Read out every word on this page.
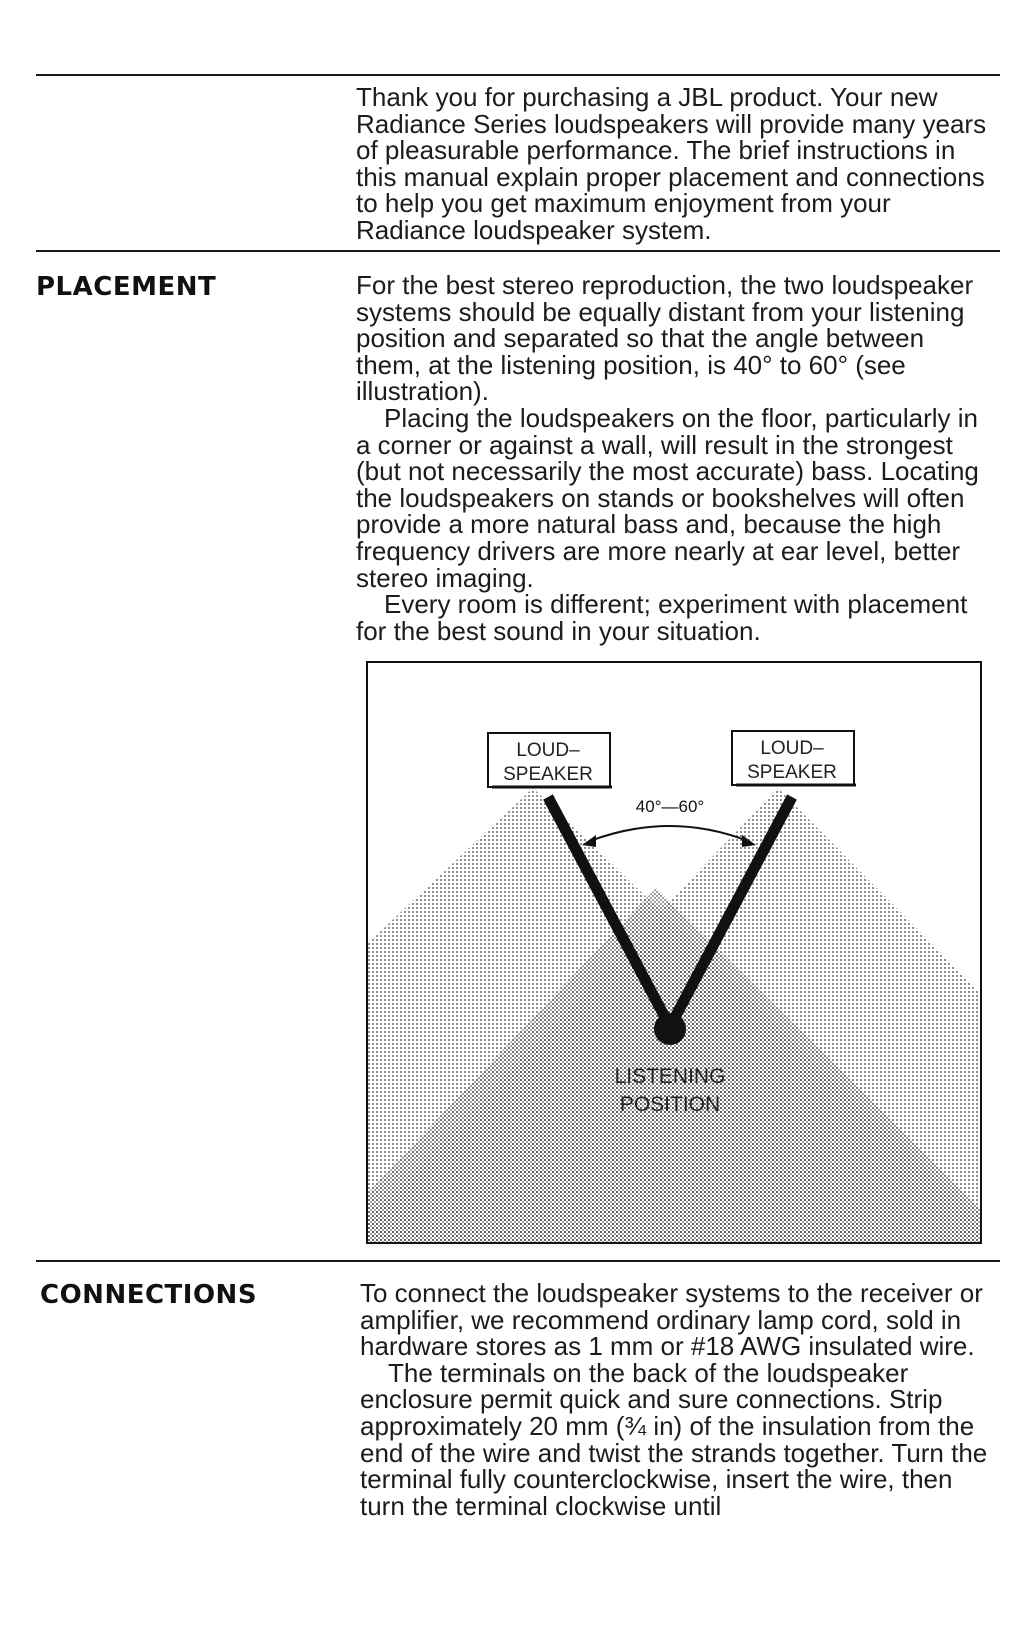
Thank you for purchasing a JBL product. Your new Radiance Series loudspeakers will provide many years of pleasurable performance. The brief instructions in this manual explain proper placement and connections to help you get maximum enjoyment from your Radiance loudspeaker system.

PLACEMENT	For the best stereo reproduction, the two loudspeaker systems should be equally distant from your listening position and separated so that the angle between them, at the listening position, is 40° to 60° (see illustration).

Placing the loudspeakers on the floor, particularly in a corner or against a wall, will result in the strongest (but not necessarily the most accurate) bass. Locating the loudspeakers on stands or bookshelves will often provide a more natural bass and, because the high frequency drivers are more nearly at ear level, better stereo imaging.

Every room is different; experiment with placement for the best sound in your situation.

LOUD–
SPEAKER
LOUD–
SPEAKER
40°—60°
LISTENING
POSITION
CONNECTIONS	To connect the loudspeaker systems to the receiver or amplifier, we recommend ordinary lamp cord, sold in hardware stores as 1 mm or #18 AWG insulated wire.

The terminals on the back of the loudspeaker enclosure permit quick and sure connections. Strip approximately 20 mm (¾ in) of the insulation from the end of the wire and twist the strands together. Turn the terminal fully counterclockwise, insert the wire, then turn the terminal clockwise until
